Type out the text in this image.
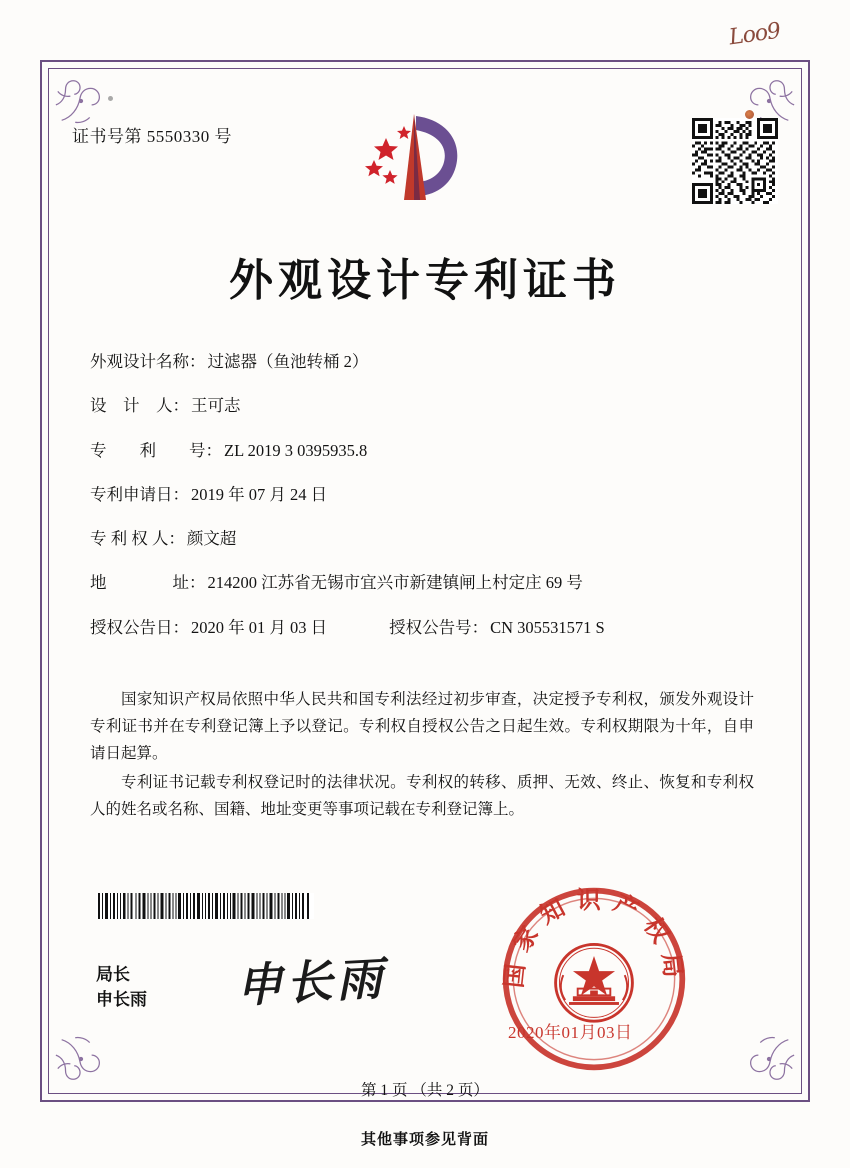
Loo9
证书号第 5550330 号
外观设计专利证书
外观设计名称： 过滤器（鱼池转桶 2）
设　计　人： 王可志
专　　利　　号： ZL 2019 3 0395935.8
专利申请日： 2019 年 07 月 24 日
专 利 权 人： 颜文超
地　　　　址： 214200 江苏省无锡市宜兴市新建镇闸上村定庄 69 号
授权公告日： 2020 年 01 月 03 日	授权公告号： CN 305531571 S

国家知识产权局依照中华人民共和国专利法经过初步审查，决定授予专利权，颁发外观设计专利证书并在专利登记簿上予以登记。专利权自授权公告之日起生效。专利权期限为十年，自申请日起算。

专利证书记载专利权登记时的法律状况。专利权的转移、质押、无效、终止、恢复和专利权人的姓名或名称、国籍、地址变更等事项记载在专利登记簿上。

局长
申长雨 申长雨	国家知识产权局
2020年01月03日
第 1 页 （共 2 页）
其他事项参见背面
